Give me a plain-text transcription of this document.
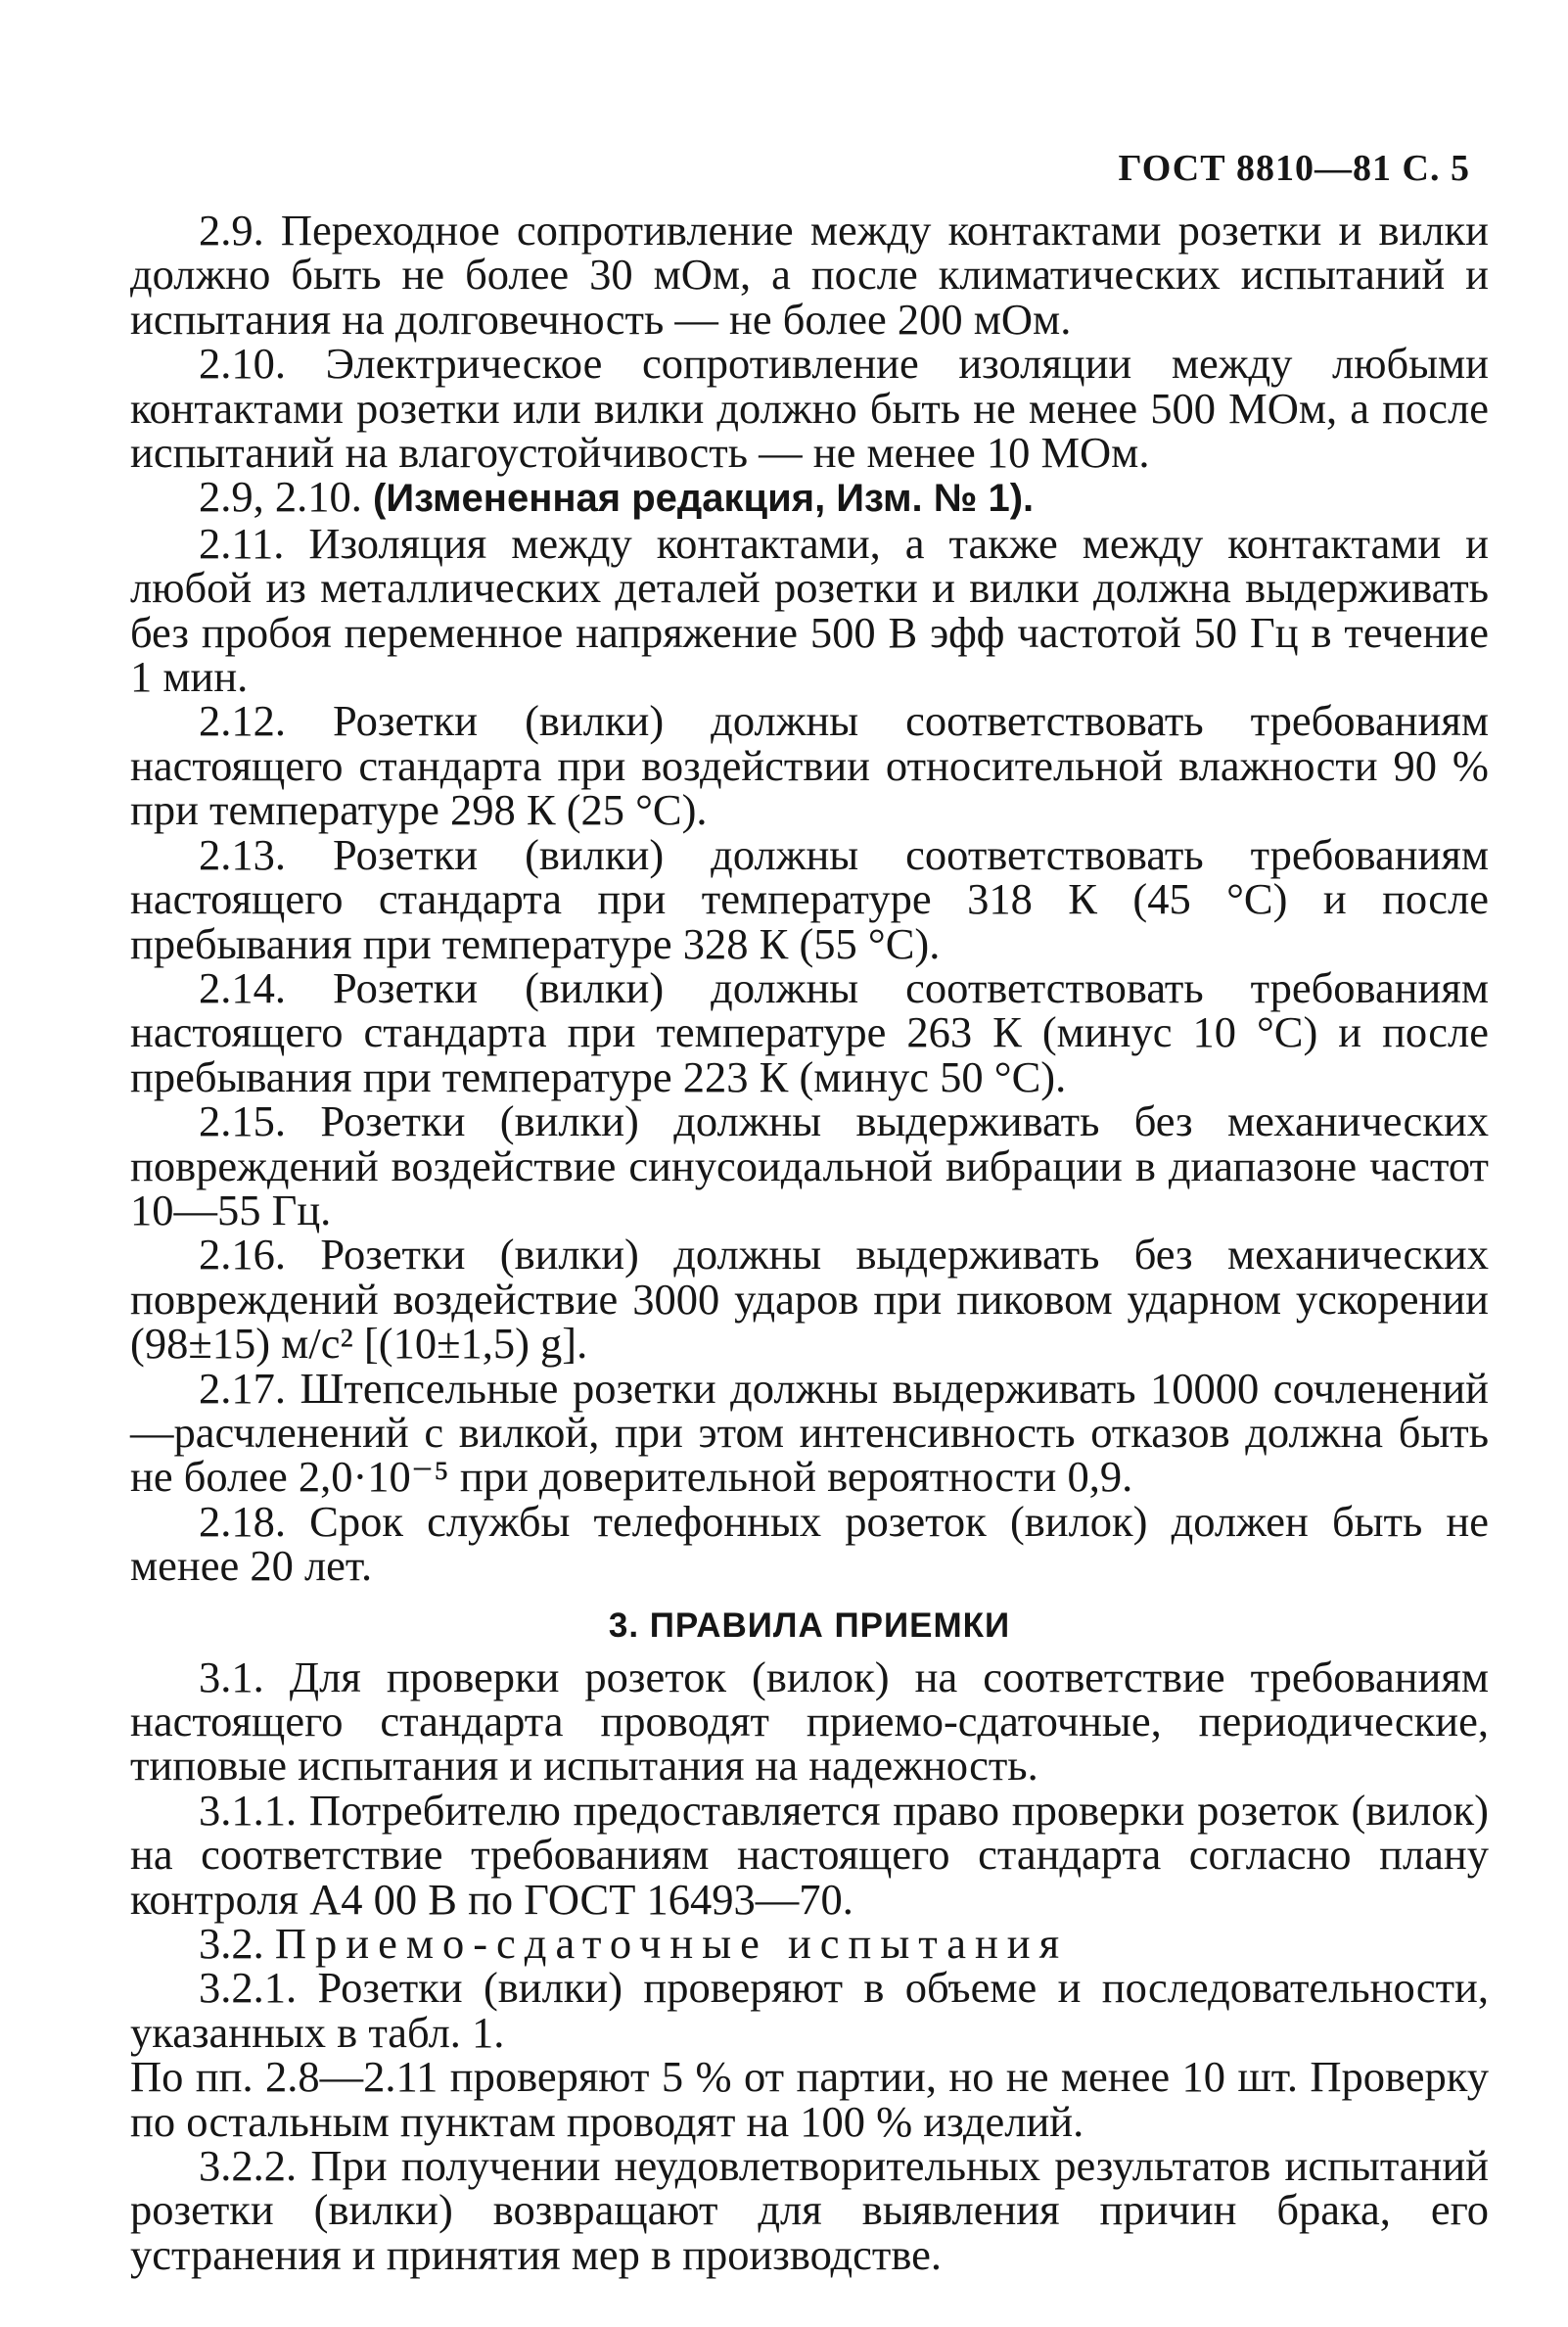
ГОСТ 8810—81 С. 5

2.9. Переходное сопротивление между контактами розетки и вилки должно быть не более 30 мОм, а после климатических испытаний и испытания на долговечность — не более 200 мОм.

2.10. Электрическое сопротивление изоляции между любыми контактами розетки или вилки должно быть не менее 500 МОм, а после испытаний на влагоустойчивость — не менее 10 МОм.

2.9, 2.10. (Измененная редакция, Изм. № 1).

2.11. Изоляция между контактами, а также между контактами и любой из металлических деталей розетки и вилки должна выдерживать без пробоя переменное напряжение 500 В эфф частотой 50 Гц в течение 1 мин.

2.12. Розетки (вилки) должны соответствовать требованиям настоящего стандарта при воздействии относительной влажности 90 % при температуре 298 К (25 °С).

2.13. Розетки (вилки) должны соответствовать требованиям настоящего стандарта при температуре 318 К (45 °С) и после пребывания при температуре 328 К (55 °С).

2.14. Розетки (вилки) должны соответствовать требованиям настоящего стандарта при температуре 263 К (минус 10 °С) и после пребывания при температуре 223 К (минус 50 °С).

2.15. Розетки (вилки) должны выдерживать без механических повреждений воздействие синусоидальной вибрации в диапазоне частот 10—55 Гц.

2.16. Розетки (вилки) должны выдерживать без механических повреждений воздействие 3000 ударов при пиковом ударном ускорении (98±15) м/с² [(10±1,5) g].

2.17. Штепсельные розетки должны выдерживать 10000 сочленений—расчленений с вилкой, при этом интенсивность отказов должна быть не более 2,0·10⁻⁵ при доверительной вероятности 0,9.

2.18. Срок службы телефонных розеток (вилок) должен быть не менее 20 лет.

3. ПРАВИЛА ПРИЕМКИ

3.1. Для проверки розеток (вилок) на соответствие требованиям настоящего стандарта проводят приемо-сдаточные, периодические, типовые испытания и испытания на надежность.

3.1.1. Потребителю предоставляется право проверки розеток (вилок) на соответствие требованиям настоящего стандарта согласно плану контроля А4 00 В по ГОСТ 16493—70.

3.2. Приемо-сдаточные испытания

3.2.1. Розетки (вилки) проверяют в объеме и последовательности, указанных в табл. 1.

По пп. 2.8—2.11 проверяют 5 % от партии, но не менее 10 шт. Проверку по остальным пунктам проводят на 100 % изделий.

3.2.2. При получении неудовлетворительных результатов испытаний розетки (вилки) возвращают для выявления причин брака, его устранения и принятия мер в производстве.
